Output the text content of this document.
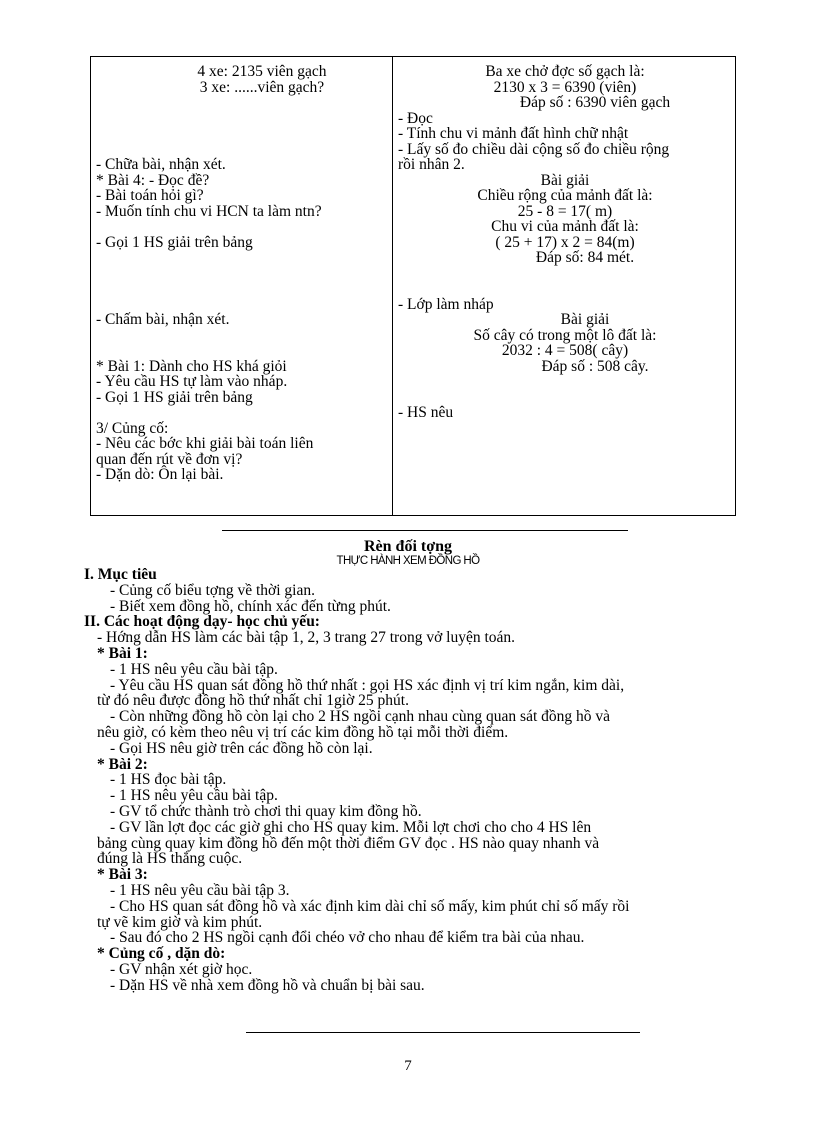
4 xe: 2135 viên gạch
3 xe: ......viên gạch?
- Chữa bài, nhận xét.
* Bài 4: - Đọc đề?
- Bài toán hỏi gì?
- Muốn tính chu vi HCN ta làm ntn?
- Gọi 1 HS giải trên bảng
- Chấm bài, nhận xét.
* Bài 1: Dành cho HS khá giỏi
- Yêu cầu HS tự làm vào nháp.
- Gọi 1 HS giải trên bảng
3/ Củng cố:
- Nêu các bớc khi giải bài toán liên
quan đến rút về đơn vị?
- Dặn dò: Ôn lại bài.
Ba xe chở đợc số gạch là:
2130 x 3 = 6390 (viên)
Đáp số : 6390 viên gạch
- Đọc
- Tính chu vi mảnh đất hình chữ nhật
- Lấy số đo chiều dài cộng số đo chiều rộng
rồi nhân 2.
Bài giải
Chiều rộng của mảnh đất là:
25 - 8 = 17( m)
Chu vi của mảnh đất là:
( 25 + 17) x 2 = 84(m)
Đáp số: 84 mét.
- Lớp làm nháp
Bài giải
Số cây có trong một lô đất là:
2032 : 4 = 508( cây)
Đáp số : 508 cây.
- HS nêu
Rèn đối tợng
THỰC HÀNH XEM ĐỒNG HỒ
I. Mục tiêu
- Củng cố biểu tợng về thời gian.
- Biết xem đồng hồ, chính xác đến từng phút.
II. Các hoạt động dạy- học chủ yếu:
- Hớng dẫn HS làm các bài tập 1, 2, 3 trang 27 trong vở luyện toán.
* Bài 1:
- 1 HS nêu yêu cầu bài tập.
- Yêu cầu HS quan sát đồng hồ thứ nhất : gọi HS xác định vị trí kim ngắn, kim dài,
từ đó nêu được đồng hồ thứ nhất chỉ 1giờ 25 phút.
- Còn những đồng hồ còn lại cho 2 HS ngồi cạnh nhau cùng quan sát đồng hồ và
nêu giờ, có kèm theo nêu vị trí các kim đồng hồ tại mỗi thời điểm.
- Gọi HS nêu giờ trên các đồng hồ còn lại.
* Bài 2:
- 1 HS đọc bài tập.
- 1 HS nêu yêu cầu bài tập.
- GV tổ chức thành trò chơi thi quay kim đồng hồ.
- GV lần lợt đọc các giờ ghi cho HS quay kim. Mỗi lợt chơi cho cho 4 HS lên
bảng cùng quay kim đồng hồ đến một thời điểm GV đọc . HS nào quay nhanh và
đúng là HS thắng cuộc.
* Bài 3:
- 1 HS nêu yêu cầu bài tập 3.
- Cho HS quan sát đồng hồ và xác định kim dài chỉ số mấy, kim phút chỉ số mấy rồi
tự vẽ kim giờ và kim phút.
- Sau đó cho 2 HS ngồi cạnh đổi chéo vở cho nhau để kiểm tra bài của nhau.
* Củng cố , dặn dò:
- GV nhận xét giờ học.
- Dặn HS về nhà xem đồng hồ và chuẩn bị bài sau.
7
